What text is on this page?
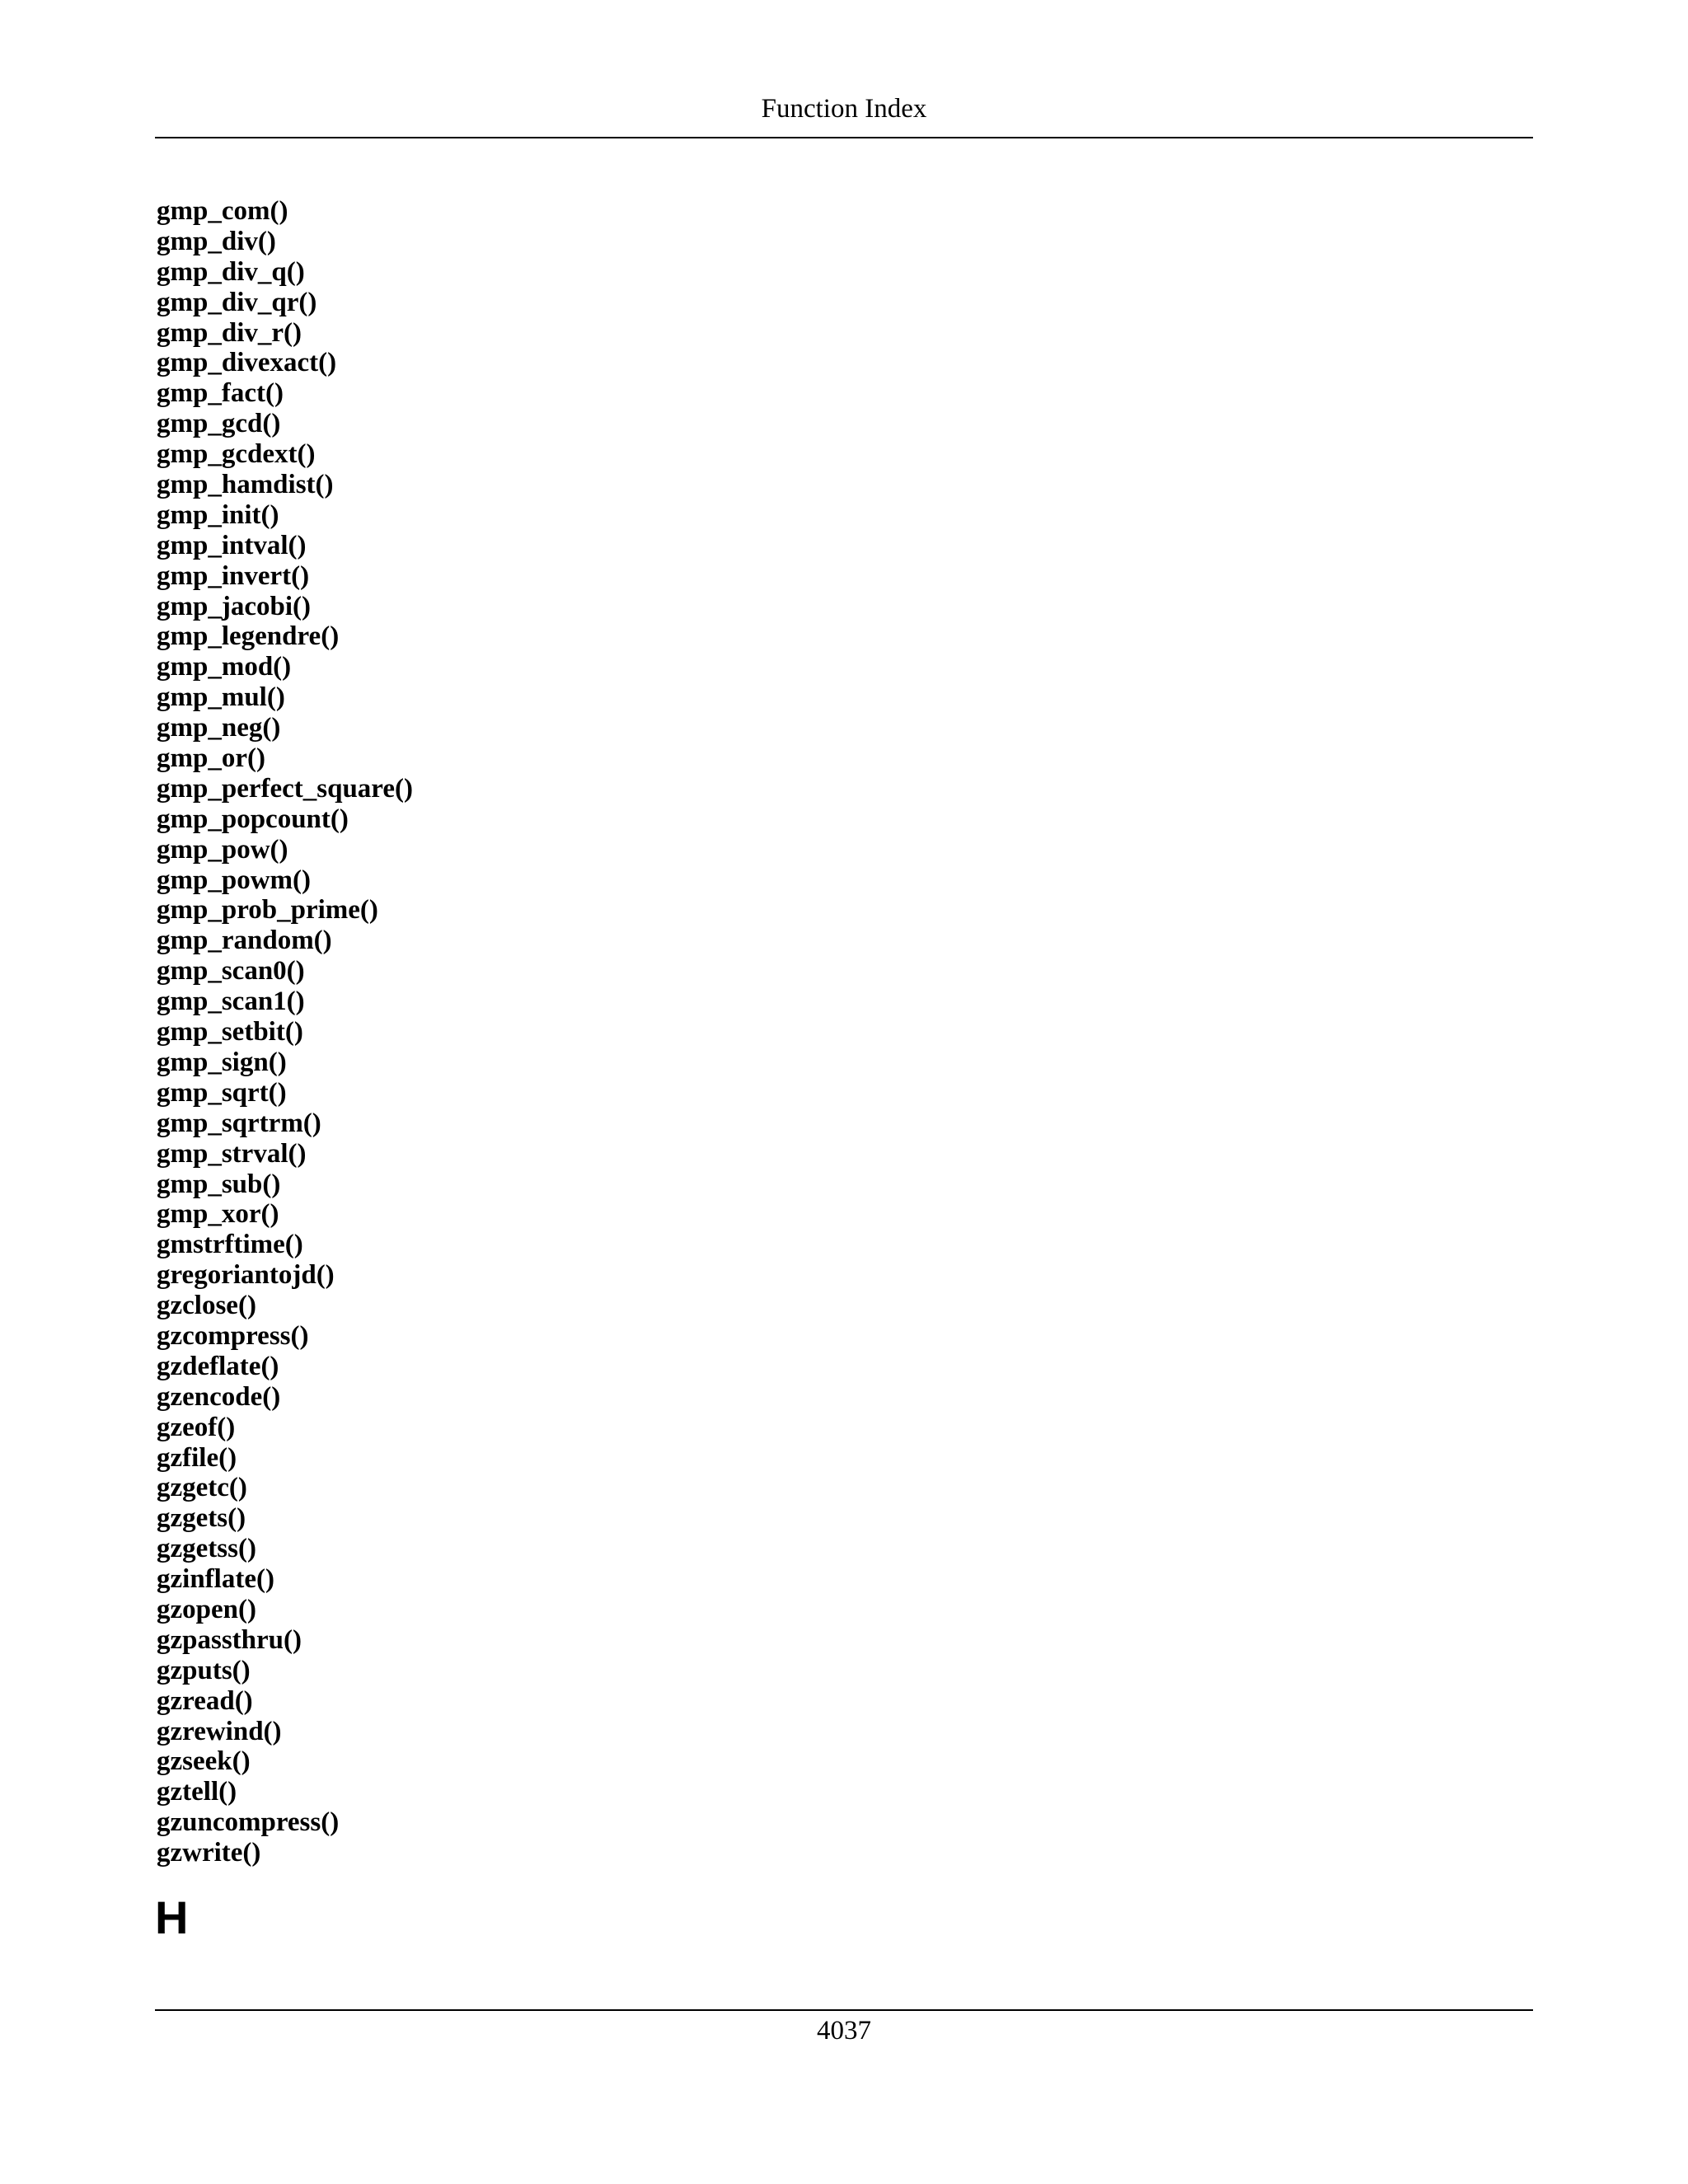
Function Index
gmp_com()
gmp_div()
gmp_div_q()
gmp_div_qr()
gmp_div_r()
gmp_divexact()
gmp_fact()
gmp_gcd()
gmp_gcdext()
gmp_hamdist()
gmp_init()
gmp_intval()
gmp_invert()
gmp_jacobi()
gmp_legendre()
gmp_mod()
gmp_mul()
gmp_neg()
gmp_or()
gmp_perfect_square()
gmp_popcount()
gmp_pow()
gmp_powm()
gmp_prob_prime()
gmp_random()
gmp_scan0()
gmp_scan1()
gmp_setbit()
gmp_sign()
gmp_sqrt()
gmp_sqrtrm()
gmp_strval()
gmp_sub()
gmp_xor()
gmstrftime()
gregoriantojd()
gzclose()
gzcompress()
gzdeflate()
gzencode()
gzeof()
gzfile()
gzgetc()
gzgets()
gzgetss()
gzinflate()
gzopen()
gzpassthru()
gzputs()
gzread()
gzrewind()
gzseek()
gztell()
gzuncompress()
gzwrite()
H
4037
